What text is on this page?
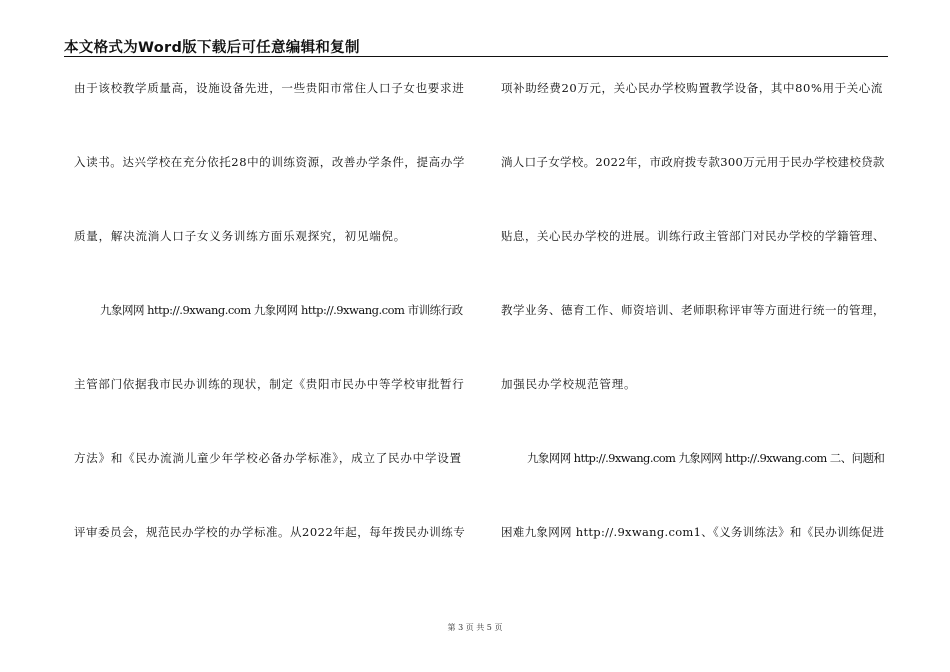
本文格式为Word版下载后可任意编辑和复制
由于该校教学质量高，设施设备先进，一些贵阳市常住人口子女也要求进
入读书。达兴学校在充分依托28中的训练资源，改善办学条件，提高办学
质量，解决流淌人口子女义务训练方面乐观探究，初见端倪。
九象网网 http://.9xwang.com 九象网网 http://.9xwang.com 市训练行政
主管部门依据我市民办训练的现状，制定《贵阳市民办中等学校审批暂行
方法》和《民办流淌儿童少年学校必备办学标准》，成立了民办中学设置
评审委员会，规范民办学校的办学标准。从2022年起，每年拨民办训练专
项补助经费20万元，关心民办学校购置教学设备，其中80%用于关心流
淌人口子女学校。2022年，市政府拨专款300万元用于民办学校建校贷款
贴息，关心民办学校的进展。训练行政主管部门对民办学校的学籍管理、
教学业务、德育工作、师资培训、老师职称评审等方面进行统一的管理，
加强民办学校规范管理。
九象网网 http://.9xwang.com 九象网网 http://.9xwang.com 二、问题和
困难九象网网 http://.9xwang.com1、《义务训练法》和《民办训练促进
第 3 页 共 5 页
